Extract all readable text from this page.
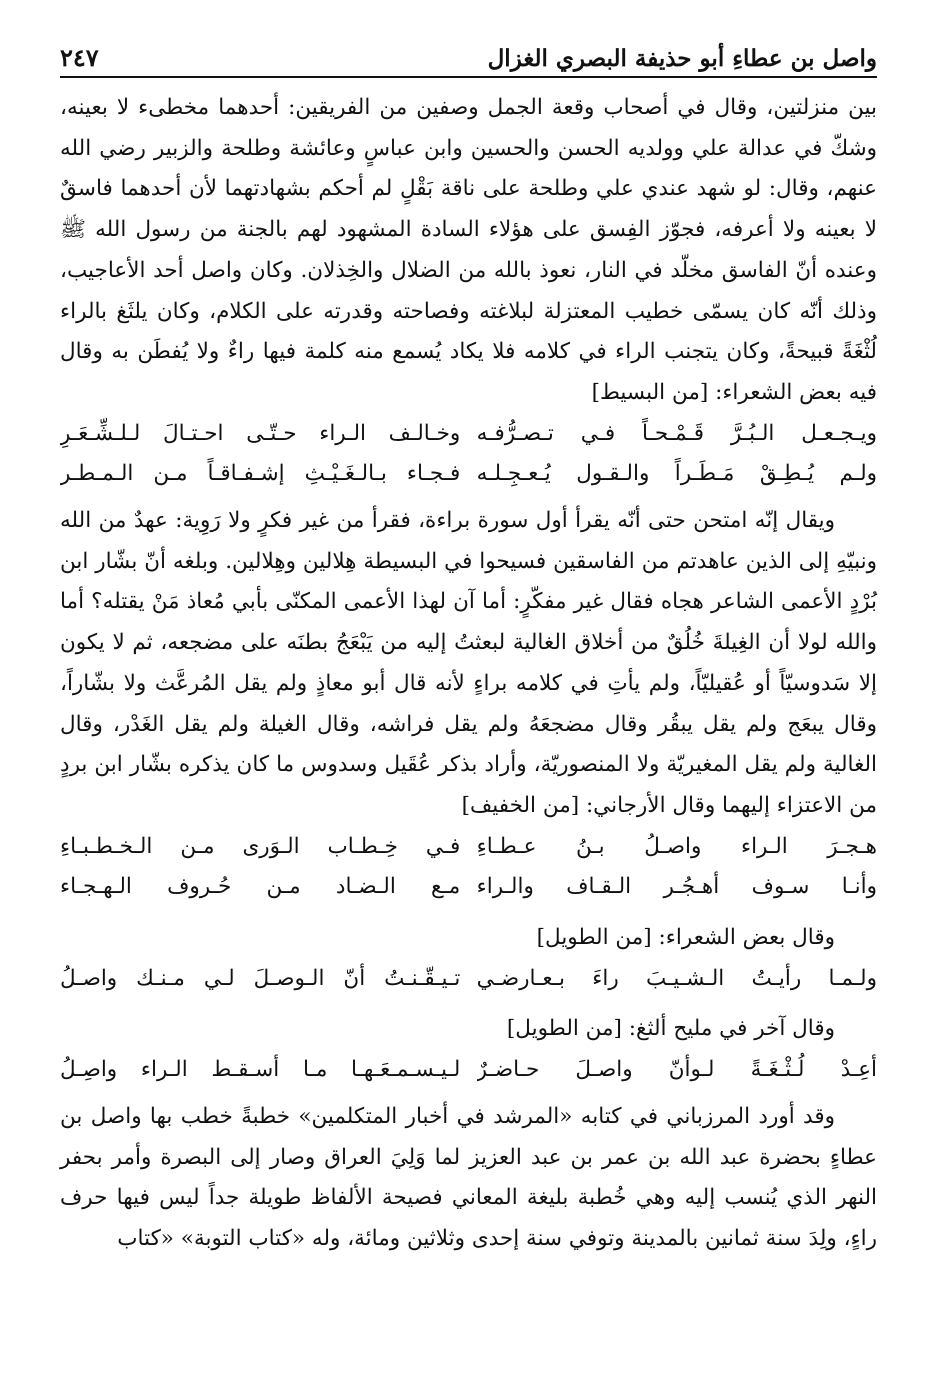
واصل بن عطاءِ أبو حذيفة البصري الغزال
٢٤٧

بين منزلتين، وقال في أصحاب وقعة الجمل وصفين من الفريقين: أحدهما مخطىء لا بعينه، وشكّ في عدالة علي وولديه الحسن والحسين وابن عباسٍ وعائشة وطلحة والزبير رضي الله عنهم، وقال: لو شهد عندي علي وطلحة على ناقة بَقْلٍ لم أحكم بشهادتهما لأن أحدهما فاسقٌ لا بعينه ولا أعرفه، فجوّز الفِسق على هؤلاء السادة المشهود لهم بالجنة من رسول الله ﷺ وعنده أنّ الفاسق مخلّد في النار، نعوذ بالله من الضلال والخِذلان. وكان واصل أحد الأعاجيب، وذلك أنّه كان يسمّى خطيب المعتزلة لبلاغته وفصاحته وقدرته على الكلام، وكان يلثَغ بالراء لُثْغَةً قبيحةً، وكان يتجنب الراء في كلامه فلا يكاد يُسمع منه كلمة فيها راءٌ ولا يُفطَن به وقال فيه بعض الشعراء: [من البسيط]

ويـجـعـل الـبُـرَّ قَـمْـحـاً فـي تـصـرُّفـه
وخـالـف الـراء حـتّـى احـتـالَ لـلـشِّـعَـرِ
ولـم يُـطِـقْ مَـطَـراً والـقـول يُـعـجِـلـه
فـجـاء بـالـغَـيْـثِ إشـفـاقـاً مـن الـمـطـر

ويقال إنّه امتحن حتى أنّه يقرأ أول سورة براءة، فقرأ من غير فكرٍ ولا رَوِية: عهدٌ من الله ونبيّهِ إلى الذين عاهدتم من الفاسقين فسيحوا في البسيطة هِلالين وهِلالين. وبلغه أنّ بشّار ابن بُرْدٍ الأعمى الشاعر هجاه فقال غير مفكّرٍ: أما آن لهذا الأعمى المكنّى بأبي مُعاذ مَنْ يقتله؟ أما والله لولا أن الغِيلةَ خُلُقٌ من أخلاق الغالية لبعثتُ إليه من يَبْعَجُ بطنَه على مضجعه، ثم لا يكون إلا سَدوسيّاً أو عُقيليّاً، ولم يأتِ في كلامه براءٍ لأنه قال أبو معاذٍ ولم يقل المُرعَّث ولا بشّاراً، وقال يبعَج ولم يقل يبقُر وقال مضجعَهُ ولم يقل فراشه، وقال الغيلة ولم يقل الغَدْر، وقال الغالية ولم يقل المغيريّة ولا المنصوريّة، وأراد بذكر عُقَيل وسدوس ما كان يذكره بشّار ابن بردٍ من الاعتزاء إليهما وقال الأرجاني: [من الخفيف]

هـجـرَ الـراء واصـلُ بـنُ عـطـاءِ
فـي خِـطـاب الـوَرى مـن الـخـطـبـاءِ
وأنـا سـوف أهـجُـر الـقـاف والـراء
مـع الـضـاد مـن حُـروف الـهـجـاء
وقال بعض الشعراء: [من الطويل]
ولـمـا رأيـتُ الـشـيـبَ راءَ بـعـارضـي
تـيـقّـنـتُ أنّ الـوصـلَ لـي مـنـك واصـلُ
وقال آخر في مليح ألثغ: [من الطويل]
أعِـدْ لُـثْـغَـةً لـوأنّ واصـلَ حـاضـرٌ
لـيـسـمـعَـهـا مـا أسـقـط الـراء واصِـلُ

وقد أورد المرزباني في كتابه «المرشد في أخبار المتكلمين» خطبةً خطب بها واصل بن عطاءٍ بحضرة عبد الله بن عمر بن عبد العزيز لما وَلِيَ العراق وصار إلى البصرة وأمر بحفر النهر الذي يُنسب إليه وهي خُطبة بليغة المعاني فصيحة الألفاظ طويلة جداً ليس فيها حرف راءٍ، ولِدَ سنة ثمانين بالمدينة وتوفي سنة إحدى وثلاثين ومائة، وله «كتاب التوبة» «كتاب
